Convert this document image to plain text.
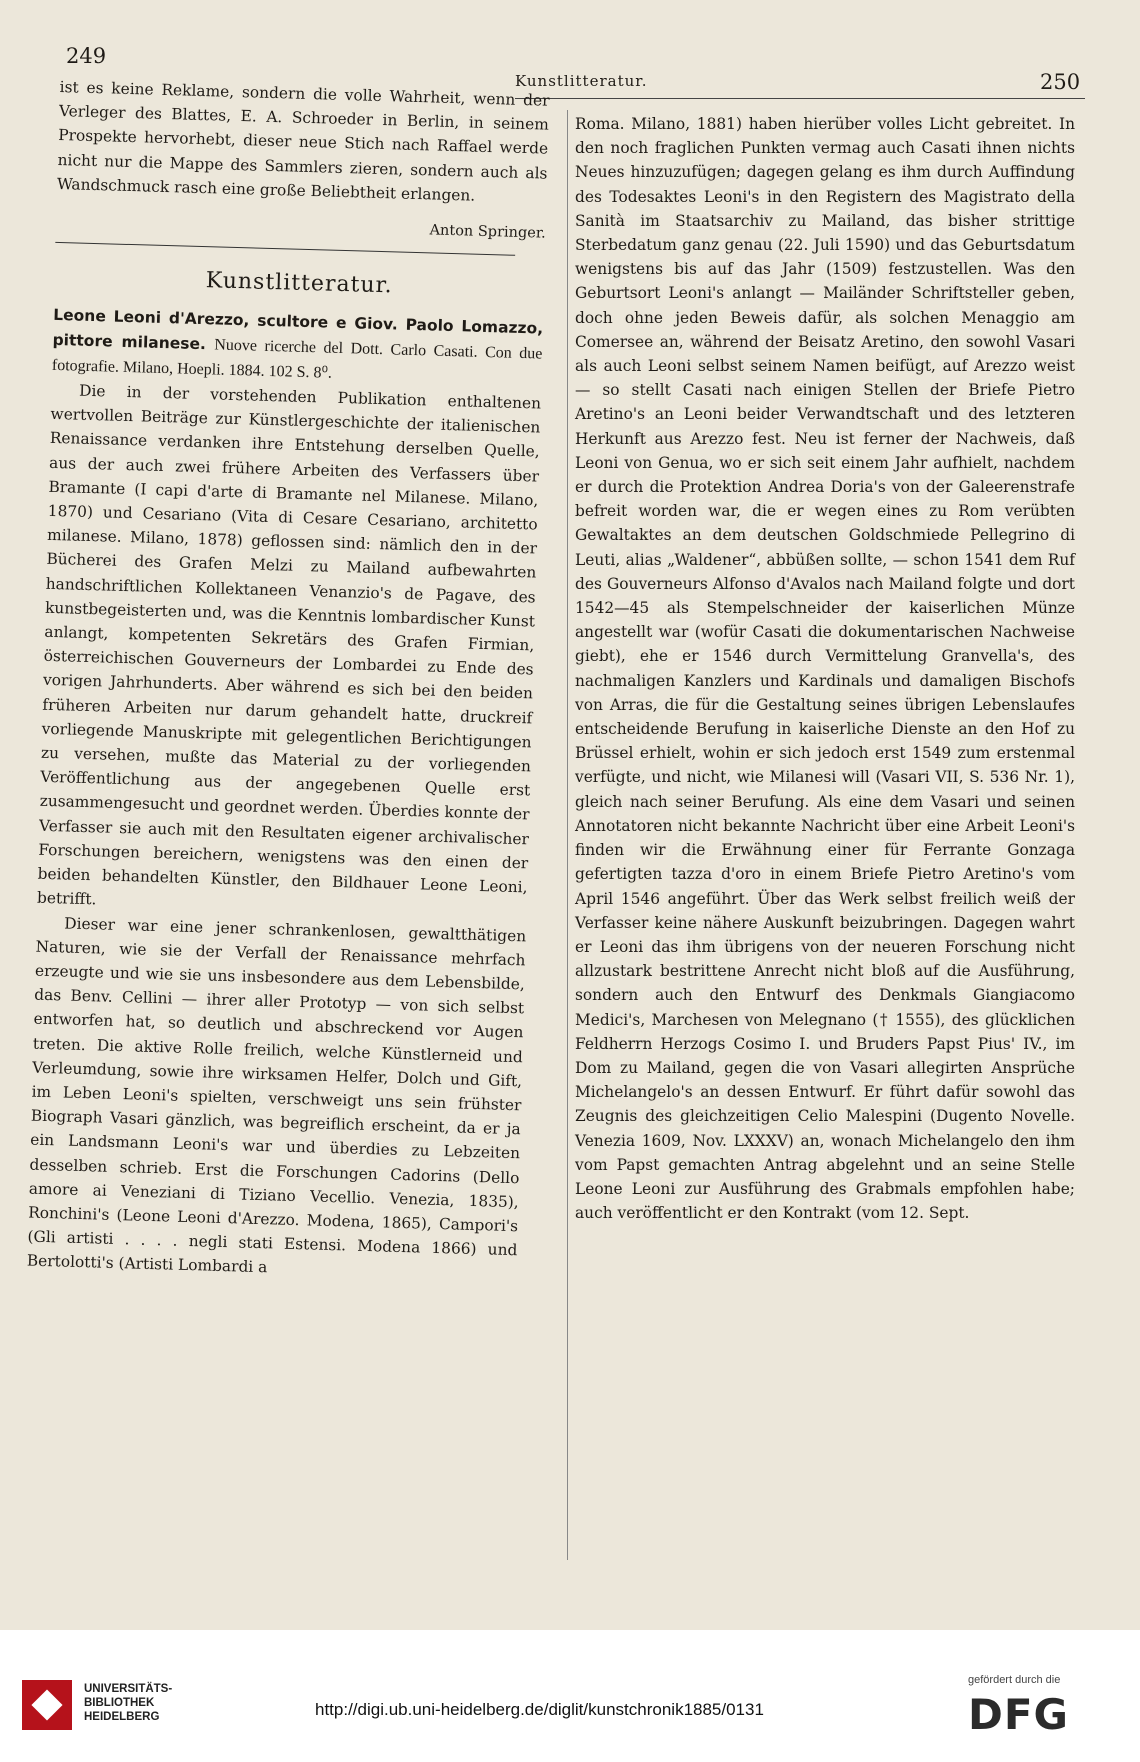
249
Kunstlitteratur.	250

ist es keine Reklame, sondern die volle Wahrheit, wenn der Verleger des Blattes, E. A. Schroeder in Berlin, in seinem Prospekte hervorhebt, dieser neue Stich nach Raffael werde nicht nur die Mappe des Sammlers zieren, sondern auch als Wandschmuck rasch eine große Beliebtheit erlangen.

Anton Springer.

Kunstlitteratur.

Leone Leoni d'Arezzo, scultore e Giov. Paolo Lomazzo, pittore milanese. Nuove ricerche del Dott. Carlo Casati. Con due fotografie. Milano, Hoepli. 1884. 102 S. 8⁰.

Die in der vorstehenden Publikation enthaltenen wertvollen Beiträge zur Künstlergeschichte der italienischen Renaissance verdanken ihre Entstehung derselben Quelle, aus der auch zwei frühere Arbeiten des Verfassers über Bramante (I capi d'arte di Bramante nel Milanese. Milano, 1870) und Cesariano (Vita di Cesare Cesariano, architetto milanese. Milano, 1878) geflossen sind: nämlich den in der Bücherei des Grafen Melzi zu Mailand aufbewahrten handschriftlichen Kollektaneen Venanzio's de Pagave, des kunstbegeisterten und, was die Kenntnis lombardischer Kunst anlangt, kompetenten Sekretärs des Grafen Firmian, österreichischen Gouverneurs der Lombardei zu Ende des vorigen Jahrhunderts. Aber während es sich bei den beiden früheren Arbeiten nur darum gehandelt hatte, druckreif vorliegende Manuskripte mit gelegentlichen Berichtigungen zu versehen, mußte das Material zu der vorliegenden Veröffentlichung aus der angegebenen Quelle erst zusammengesucht und geordnet werden. Überdies konnte der Verfasser sie auch mit den Resultaten eigener archivalischer Forschungen bereichern, wenigstens was den einen der beiden behandelten Künstler, den Bildhauer Leone Leoni, betrifft.

Dieser war eine jener schrankenlosen, gewaltthätigen Naturen, wie sie der Verfall der Renaissance mehrfach erzeugte und wie sie uns insbesondere aus dem Lebensbilde, das Benv. Cellini — ihrer aller Prototyp — von sich selbst entworfen hat, so deutlich und abschreckend vor Augen treten. Die aktive Rolle freilich, welche Künstlerneid und Verleumdung, sowie ihre wirksamen Helfer, Dolch und Gift, im Leben Leoni's spielten, verschweigt uns sein frühster Biograph Vasari gänzlich, was begreiflich erscheint, da er ja ein Landsmann Leoni's war und überdies zu Lebzeiten desselben schrieb. Erst die Forschungen Cadorins (Dello amore ai Veneziani di Tiziano Vecellio. Venezia, 1835), Ronchini's (Leone Leoni d'Arezzo. Modena, 1865), Campori's (Gli artisti . . . . negli stati Estensi. Modena 1866) und Bertolotti's (Artisti Lombardi a

Roma. Milano, 1881) haben hierüber volles Licht gebreitet. In den noch fraglichen Punkten vermag auch Casati ihnen nichts Neues hinzuzufügen; dagegen gelang es ihm durch Auffindung des Todesaktes Leoni's in den Registern des Magistrato della Sanità im Staatsarchiv zu Mailand, das bisher strittige Sterbedatum ganz genau (22. Juli 1590) und das Geburtsdatum wenigstens bis auf das Jahr (1509) festzustellen. Was den Geburtsort Leoni's anlangt — Mailänder Schriftsteller geben, doch ohne jeden Beweis dafür, als solchen Menaggio am Comersee an, während der Beisatz Aretino, den sowohl Vasari als auch Leoni selbst seinem Namen beifügt, auf Arezzo weist — so stellt Casati nach einigen Stellen der Briefe Pietro Aretino's an Leoni beider Verwandtschaft und des letzteren Herkunft aus Arezzo fest. Neu ist ferner der Nachweis, daß Leoni von Genua, wo er sich seit einem Jahr aufhielt, nachdem er durch die Protektion Andrea Doria's von der Galeerenstrafe befreit worden war, die er wegen eines zu Rom verübten Gewaltaktes an dem deutschen Goldschmiede Pellegrino di Leuti, alias „Waldener“, abbüßen sollte, — schon 1541 dem Ruf des Gouverneurs Alfonso d'Avalos nach Mailand folgte und dort 1542—45 als Stempelschneider der kaiserlichen Münze angestellt war (wofür Casati die dokumentarischen Nachweise giebt), ehe er 1546 durch Vermittelung Granvella's, des nachmaligen Kanzlers und Kardinals und damaligen Bischofs von Arras, die für die Gestaltung seines übrigen Lebenslaufes entscheidende Berufung in kaiserliche Dienste an den Hof zu Brüssel erhielt, wohin er sich jedoch erst 1549 zum erstenmal verfügte, und nicht, wie Milanesi will (Vasari VII, S. 536 Nr. 1), gleich nach seiner Berufung. Als eine dem Vasari und seinen Annotatoren nicht bekannte Nachricht über eine Arbeit Leoni's finden wir die Erwähnung einer für Ferrante Gonzaga gefertigten tazza d'oro in einem Briefe Pietro Aretino's vom April 1546 angeführt. Über das Werk selbst freilich weiß der Verfasser keine nähere Auskunft beizubringen. Dagegen wahrt er Leoni das ihm übrigens von der neueren Forschung nicht allzustark bestrittene Anrecht nicht bloß auf die Ausführung, sondern auch den Entwurf des Denkmals Giangiacomo Medici's, Marchesen von Melegnano († 1555), des glücklichen Feldherrn Herzogs Cosimo I. und Bruders Papst Pius' IV., im Dom zu Mailand, gegen die von Vasari allegirten Ansprüche Michelangelo's an dessen Entwurf. Er führt dafür sowohl das Zeugnis des gleichzeitigen Celio Malespini (Dugento Novelle. Venezia 1609, Nov. LXXXV) an, wonach Michelangelo den ihm vom Papst gemachten Antrag abgelehnt und an seine Stelle Leone Leoni zur Ausführung des Grabmals empfohlen habe; auch veröffentlicht er den Kontrakt (vom 12. Sept.

UNIVERSITÄTS-
BIBLIOTHEK
HEIDELBERG	http://digi.ub.uni-heidelberg.de/diglit/kunstchronik1885/0131
gefördert durch die
DFG
